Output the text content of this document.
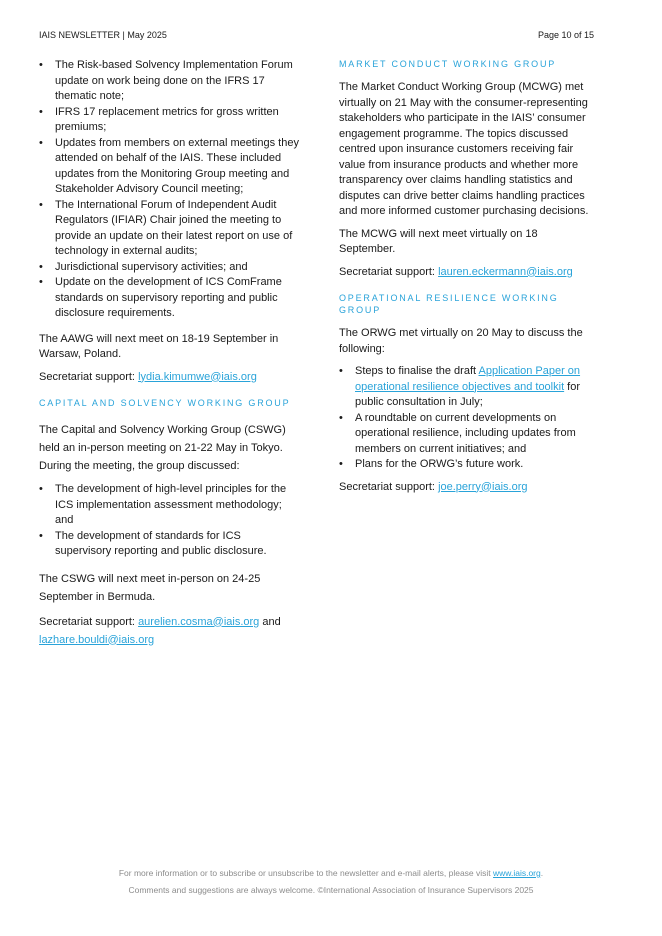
IAIS NEWSLETTER | May 2025	Page 10 of 15
• The Risk-based Solvency Implementation Forum update on work being done on the IFRS 17 thematic note;
• IFRS 17 replacement metrics for gross written premiums;
• Updates from members on external meetings they attended on behalf of the IAIS. These included updates from the Monitoring Group meeting and Stakeholder Advisory Council meeting;
• The International Forum of Independent Audit Regulators (IFIAR) Chair joined the meeting to provide an update on their latest report on use of technology in external audits;
• Jurisdictional supervisory activities; and
• Update on the development of ICS ComFrame standards on supervisory reporting and public disclosure requirements.

The AAWG will next meet on 18-19 September in Warsaw, Poland.

Secretariat support: lydia.kimumwe@iais.org

CAPITAL AND SOLVENCY WORKING GROUP

The Capital and Solvency Working Group (CSWG) held an in-person meeting on 21-22 May in Tokyo. During the meeting, the group discussed:

• The development of high-level principles for the ICS implementation assessment methodology; and
• The development of standards for ICS supervisory reporting and public disclosure.

The CSWG will next meet in-person on 24-25 September in Bermuda.

Secretariat support: aurelien.cosma@iais.org and
lazhare.bouldi@iais.org

MARKET CONDUCT WORKING GROUP

The Market Conduct Working Group (MCWG) met virtually on 21 May with the consumer-representing stakeholders who participate in the IAIS’ consumer engagement programme. The topics discussed centred upon insurance customers receiving fair value from insurance products and whether more transparency over claims handling statistics and disputes can drive better claims handling practices and more informed customer purchasing decisions.

The MCWG will next meet virtually on 18 September.

Secretariat support: lauren.eckermann@iais.org

OPERATIONAL RESILIENCE WORKING GROUP

The ORWG met virtually on 20 May to discuss the following:

• Steps to finalise the draft Application Paper on operational resilience objectives and toolkit for public consultation in July;
• A roundtable on current developments on operational resilience, including updates from members on current initiatives; and
• Plans for the ORWG’s future work.

Secretariat support: joe.perry@iais.org

For more information or to subscribe or unsubscribe to the newsletter and e-mail alerts, please visit www.iais.org.
Comments and suggestions are always welcome. ©International Association of Insurance Supervisors 2025
